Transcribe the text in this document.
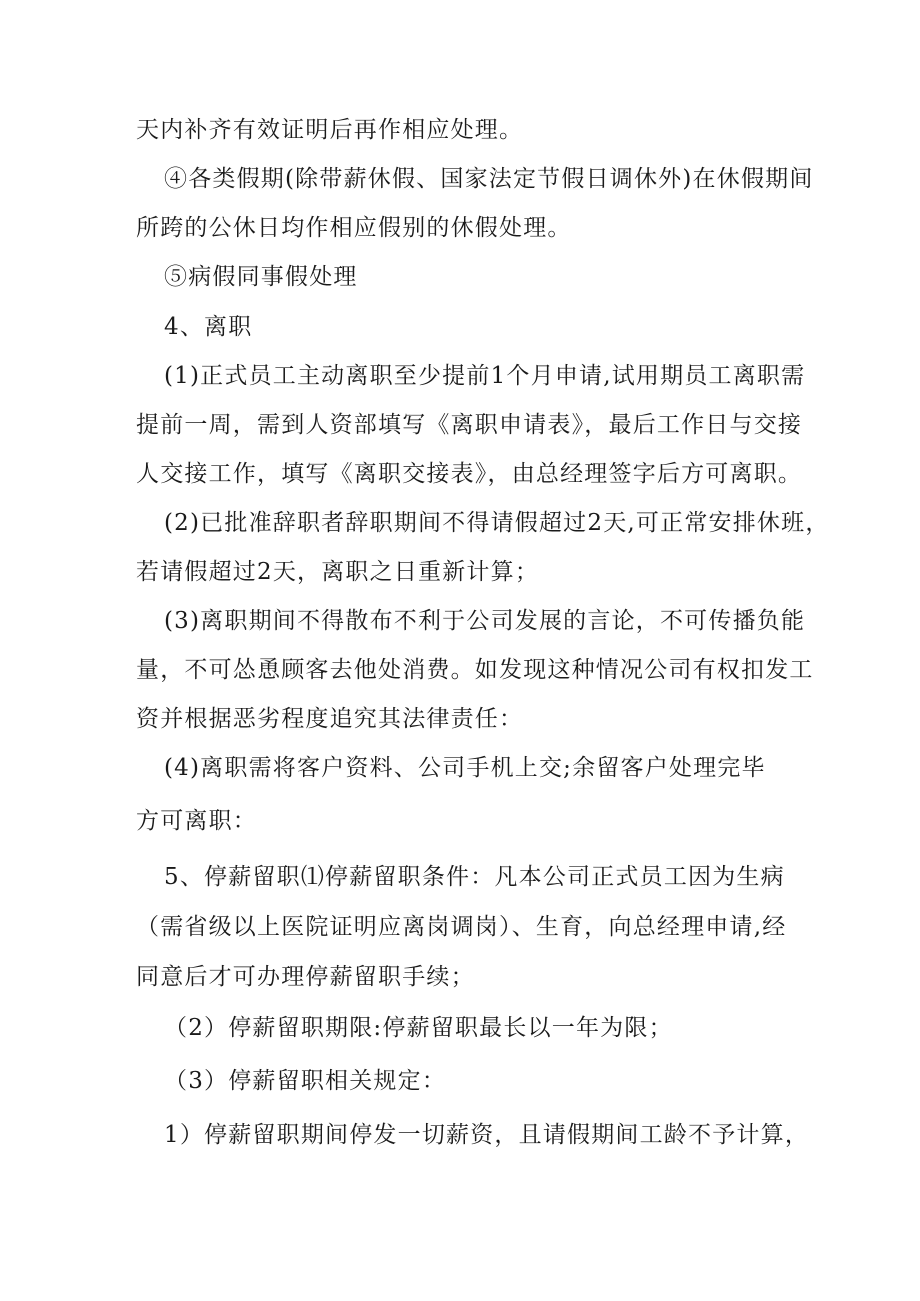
天内补齐有效证明后再作相应处理。
④各类假期(除带薪休假、国家法定节假日调休外)在休假期间
所跨的公休日均作相应假别的休假处理。
⑤病假同事假处理
4、离职
(1)正式员工主动离职至少提前1个月申请,试用期员工离职需
提前一周，需到人资部填写《离职申请表》，最后工作日与交接
人交接工作，填写《离职交接表》，由总经理签字后方可离职。
(2)已批准辞职者辞职期间不得请假超过2天,可正常安排休班，
若请假超过2天，离职之日重新计算；
(3)离职期间不得散布不利于公司发展的言论，不可传播负能
量，不可怂恿顾客去他处消费。如发现这种情况公司有权扣发工
资并根据恶劣程度追究其法律责任：
(4)离职需将客户资料、公司手机上交;余留客户处理完毕
方可离职：
5、停薪留职⑴停薪留职条件：凡本公司正式员工因为生病
（需省级以上医院证明应离岗调岗）、生育，向总经理申请,经
同意后才可办理停薪留职手续；
（2）停薪留职期限:停薪留职最长以一年为限；
（3）停薪留职相关规定：
1）停薪留职期间停发一切薪资，且请假期间工龄不予计算，
